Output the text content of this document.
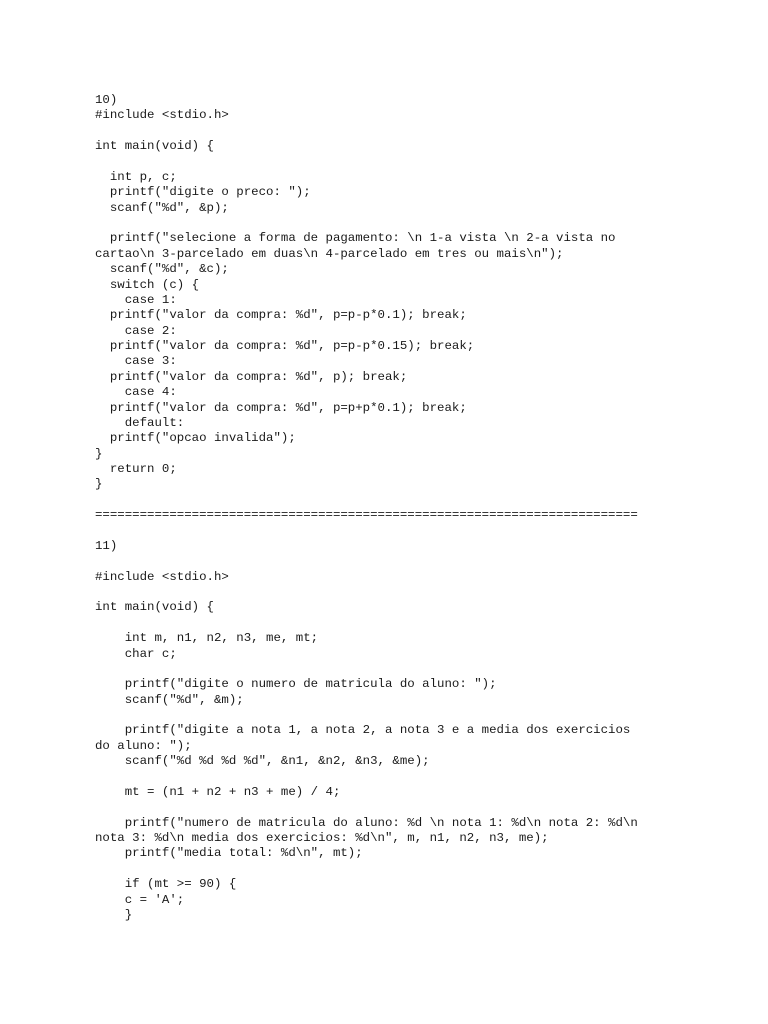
10)
#include <stdio.h>
int main(void) {
int p, c;
printf("digite o preco: ");
scanf("%d", &p);
printf("selecione a forma de pagamento: \n 1-a vista \n 2-a vista no
cartao\n 3-parcelado em duas\n 4-parcelado em tres ou mais\n");
scanf("%d", &c);
switch (c) {
case 1:
printf("valor da compra: %d", p=p-p*0.1); break;
case 2:
printf("valor da compra: %d", p=p-p*0.15); break;
case 3:
printf("valor da compra: %d", p); break;
case 4:
printf("valor da compra: %d", p=p+p*0.1); break;
default:
printf("opcao invalida");
}
return 0;
}
=========================================================================
11)
#include <stdio.h>
int main(void) {
int m, n1, n2, n3, me, mt;
char c;
printf("digite o numero de matricula do aluno: ");
scanf("%d", &m);
printf("digite a nota 1, a nota 2, a nota 3 e a media dos exercicios
do aluno: ");
scanf("%d %d %d %d", &n1, &n2, &n3, &me);
mt = (n1 + n2 + n3 + me) / 4;
printf("numero de matricula do aluno: %d \n nota 1: %d\n nota 2: %d\n
nota 3: %d\n media dos exercicios: %d\n", m, n1, n2, n3, me);
printf("media total: %d\n", mt);
if (mt >= 90) {
c = 'A';
}
